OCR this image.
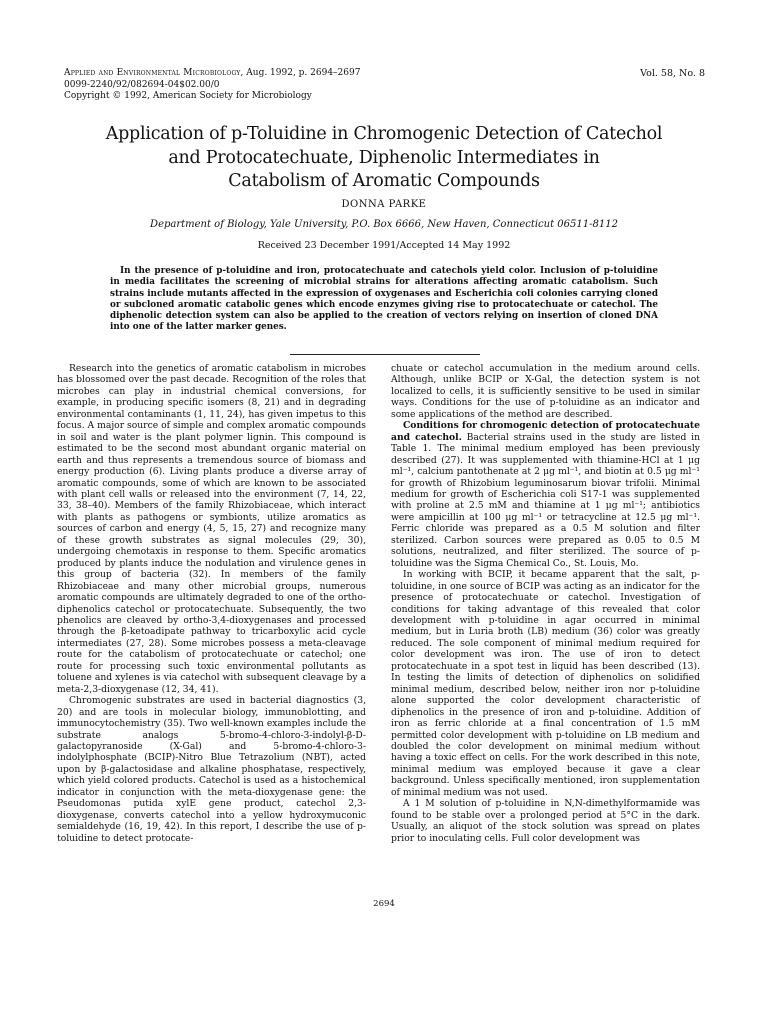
Applied and Environmental Microbiology, Aug. 1992, p. 2694–2697
0099-2240/92/082694-04$02.00/0
Copyright © 1992, American Society for Microbiology
Vol. 58, No. 8
Application of p-Toluidine in Chromogenic Detection of Catechol
and Protocatechuate, Diphenolic Intermediates in
Catabolism of Aromatic Compounds
DONNA PARKE
Department of Biology, Yale University, P.O. Box 6666, New Haven, Connecticut 06511-8112
Received 23 December 1991/Accepted 14 May 1992

In the presence of p-toluidine and iron, protocatechuate and catechols yield color. Inclusion of p-toluidine in media facilitates the screening of microbial strains for alterations affecting aromatic catabolism. Such strains include mutants affected in the expression of oxygenases and Escherichia coli colonies carrying cloned or subcloned aromatic catabolic genes which encode enzymes giving rise to protocatechuate or catechol. The diphenolic detection system can also be applied to the creation of vectors relying on insertion of cloned DNA into one of the latter marker genes.

Research into the genetics of aromatic catabolism in microbes has blossomed over the past decade. Recognition of the roles that microbes can play in industrial chemical conversions, for example, in producing specific isomers (8, 21) and in degrading environmental contaminants (1, 11, 24), has given impetus to this focus. A major source of simple and complex aromatic compounds in soil and water is the plant polymer lignin. This compound is estimated to be the second most abundant organic material on earth and thus represents a tremendous source of biomass and energy production (6). Living plants produce a diverse array of aromatic compounds, some of which are known to be associated with plant cell walls or released into the environment (7, 14, 22, 33, 38–40). Members of the family Rhizobiaceae, which interact with plants as pathogens or symbionts, utilize aromatics as sources of carbon and energy (4, 5, 15, 27) and recognize many of these growth substrates as signal molecules (29, 30), undergoing chemotaxis in response to them. Specific aromatics produced by plants induce the nodulation and virulence genes in this group of bacteria (32). In members of the family Rhizobiaceae and many other microbial groups, numerous aromatic compounds are ultimately degraded to one of the ortho-diphenolics catechol or protocatechuate. Subsequently, the two phenolics are cleaved by ortho-3,4-dioxygenases and processed through the β-ketoadipate pathway to tricarboxylic acid cycle intermediates (27, 28). Some microbes possess a meta-cleavage route for the catabolism of protocatechuate or catechol; one route for processing such toxic environmental pollutants as toluene and xylenes is via catechol with subsequent cleavage by a meta-2,3-dioxygenase (12, 34, 41).

Chromogenic substrates are used in bacterial diagnostics (3, 20) and are tools in molecular biology, immunoblotting, and immunocytochemistry (35). Two well-known examples include the substrate analogs 5-bromo-4-chloro-3-indolyl-β-D-galactopyranoside (X-Gal) and 5-bromo-4-chloro-3-indolylphosphate (BCIP)-Nitro Blue Tetrazolium (NBT), acted upon by β-galactosidase and alkaline phosphatase, respectively, which yield colored products. Catechol is used as a histochemical indicator in conjunction with the meta-dioxygenase gene: the Pseudomonas putida xylE gene product, catechol 2,3-dioxygenase, converts catechol into a yellow hydroxymuconic semialdehyde (16, 19, 42). In this report, I describe the use of p-toluidine to detect protocate-

chuate or catechol accumulation in the medium around cells. Although, unlike BCIP or X-Gal, the detection system is not localized to cells, it is sufficiently sensitive to be used in similar ways. Conditions for the use of p-toluidine as an indicator and some applications of the method are described.

Conditions for chromogenic detection of protocatechuate and catechol. Bacterial strains used in the study are listed in Table 1. The minimal medium employed has been previously described (27). It was supplemented with thiamine-HCl at 1 μg ml⁻¹, calcium pantothenate at 2 μg ml⁻¹, and biotin at 0.5 μg ml⁻¹ for growth of Rhizobium leguminosarum biovar trifolii. Minimal medium for growth of Escherichia coli S17-1 was supplemented with proline at 2.5 mM and thiamine at 1 μg ml⁻¹; antibiotics were ampicillin at 100 μg ml⁻¹ or tetracycline at 12.5 μg ml⁻¹. Ferric chloride was prepared as a 0.5 M solution and filter sterilized. Carbon sources were prepared as 0.05 to 0.5 M solutions, neutralized, and filter sterilized. The source of p-toluidine was the Sigma Chemical Co., St. Louis, Mo.

In working with BCIP, it became apparent that the salt, p-toluidine, in one source of BCIP was acting as an indicator for the presence of protocatechuate or catechol. Investigation of conditions for taking advantage of this revealed that color development with p-toluidine in agar occurred in minimal medium, but in Luria broth (LB) medium (36) color was greatly reduced. The sole component of minimal medium required for color development was iron. The use of iron to detect protocatechuate in a spot test in liquid has been described (13). In testing the limits of detection of diphenolics on solidified minimal medium, described below, neither iron nor p-toluidine alone supported the color development characteristic of diphenolics in the presence of iron and p-toluidine. Addition of iron as ferric chloride at a final concentration of 1.5 mM permitted color development with p-toluidine on LB medium and doubled the color development on minimal medium without having a toxic effect on cells. For the work described in this note, minimal medium was employed because it gave a clear background. Unless specifically mentioned, iron supplementation of minimal medium was not used.

A 1 M solution of p-toluidine in N,N-dimethylformamide was found to be stable over a prolonged period at 5°C in the dark. Usually, an aliquot of the stock solution was spread on plates prior to inoculating cells. Full color development was

2694
